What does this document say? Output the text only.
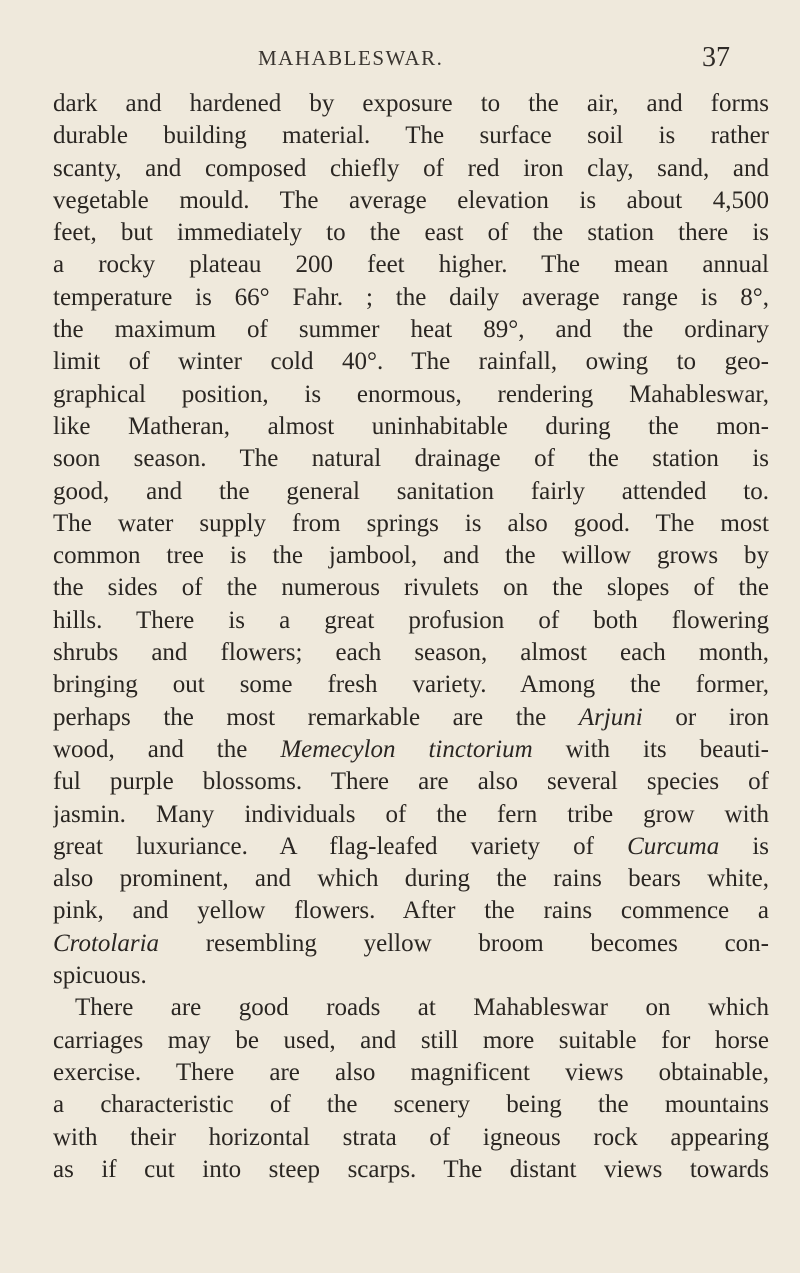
MAHABLESWAR.	37
dark and hardened by exposure to the air, and forms
durable building material. The surface soil is rather
scanty, and composed chiefly of red iron clay, sand, and
vegetable mould. The average elevation is about 4,500
feet, but immediately to the east of the station there is
a rocky plateau 200 feet higher. The mean annual
temperature is 66° Fahr. ; the daily average range is 8°,
the maximum of summer heat 89°, and the ordinary
limit of winter cold 40°. The rainfall, owing to geo-
graphical position, is enormous, rendering Mahableswar,
like Matheran, almost uninhabitable during the mon-
soon season. The natural drainage of the station is
good, and the general sanitation fairly attended to.
The water supply from springs is also good. The most
common tree is the jambool, and the willow grows by
the sides of the numerous rivulets on the slopes of the
hills. There is a great profusion of both flowering
shrubs and flowers; each season, almost each month,
bringing out some fresh variety. Among the former,
perhaps the most remarkable are the Arjuni or iron
wood, and the Memecylon tinctorium with its beauti-
ful purple blossoms. There are also several species of
jasmin. Many individuals of the fern tribe grow with
great luxuriance. A flag-leafed variety of Curcuma is
also prominent, and which during the rains bears white,
pink, and yellow flowers. After the rains commence a
Crotolaria resembling yellow broom becomes con-
spicuous.
There are good roads at Mahableswar on which
carriages may be used, and still more suitable for horse
exercise. There are also magnificent views obtainable,
a characteristic of the scenery being the mountains
with their horizontal strata of igneous rock appearing
as if cut into steep scarps. The distant views towards
